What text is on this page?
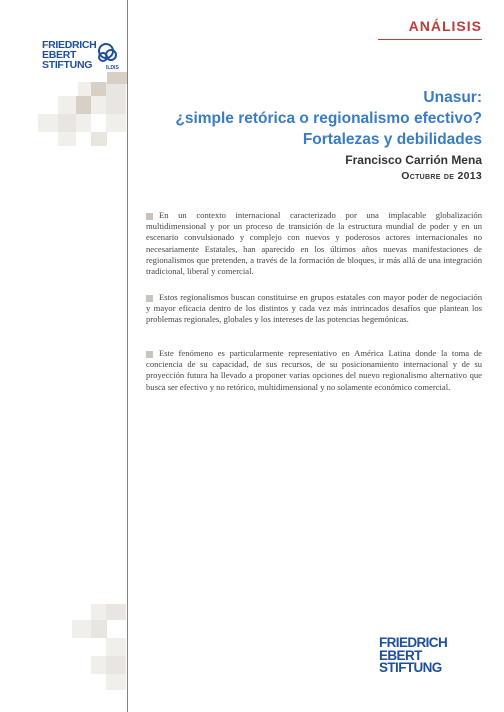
ANÁLISIS
FRIEDRICH
EBERT
STIFTUNG	ILDIS
Unasur:
¿simple retórica o regionalismo efectivo?
Fortalezas y debilidades
Francisco Carrión Mena
Octubre de 2013
En un contexto internacional caracterizado por una implacable globalización multidimensional y por un proceso de transición de la estructura mundial de poder y en un escenario convulsionado y complejo con nuevos y poderosos actores internacionales no necesariamente Estatales, han aparecido en los últimos años nuevas manifestaciones de regionalismos que pretenden, a través de la formación de bloques, ir más allá de una integración tradicional, liberal y comercial.
Estos regionalismos buscan constituirse en grupos estatales con mayor poder de negociación y mayor eficacia dentro de los distintos y cada vez más intrincados desafíos que plantean los problemas regionales, globales y los intereses de las potencias hegemónicas.
Este fenómeno es particularmente representativo en América Latina donde la toma de conciencia de su capacidad, de sus recursos, de su posicionamiento internacional y de su proyección futura ha llevado a proponer varias opciones del nuevo regionalismo alternativo que busca ser efectivo y no retórico, multidimensional y no solamente económico comercial.
FRIEDRICH
EBERT
STIFTUNG
